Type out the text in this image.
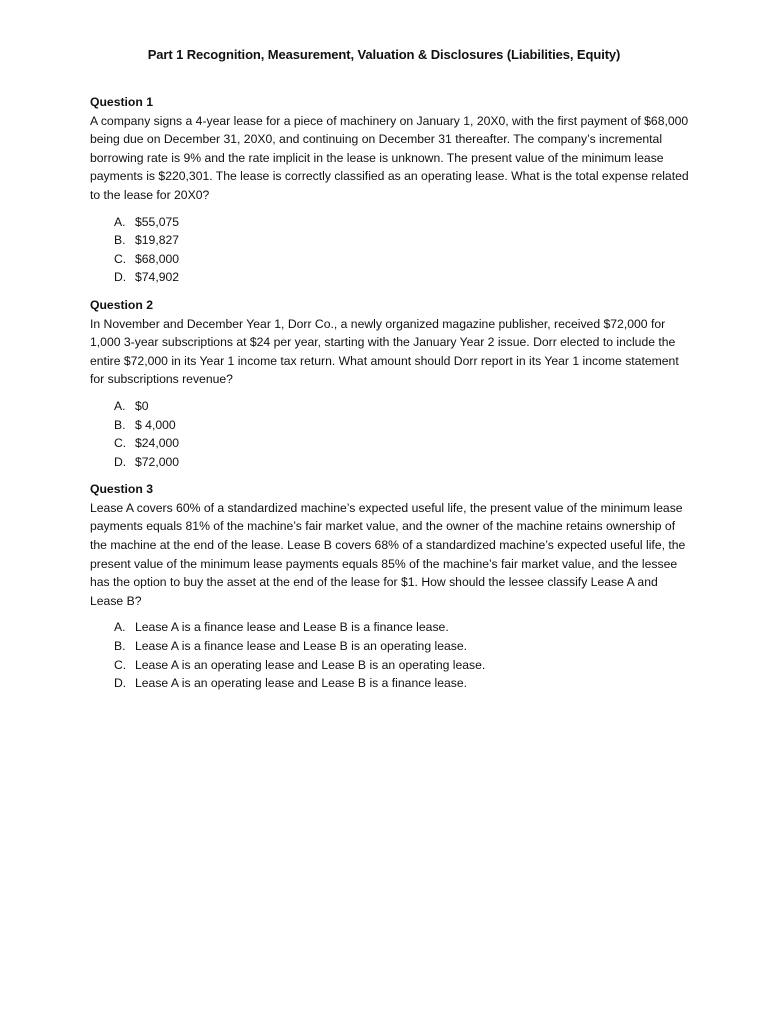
Part 1 Recognition, Measurement, Valuation & Disclosures (Liabilities, Equity)
Question 1

A company signs a 4-year lease for a piece of machinery on January 1, 20X0, with the first payment of $68,000 being due on December 31, 20X0, and continuing on December 31 thereafter. The company’s incremental borrowing rate is 9% and the rate implicit in the lease is unknown. The present value of the minimum lease payments is $220,301. The lease is correctly classified as an operating lease. What is the total expense related to the lease for 20X0?

A. $55,075
B. $19,827
C. $68,000
D. $74,902
Question 2

In November and December Year 1, Dorr Co., a newly organized magazine publisher, received $72,000 for 1,000 3-year subscriptions at $24 per year, starting with the January Year 2 issue. Dorr elected to include the entire $72,000 in its Year 1 income tax return. What amount should Dorr report in its Year 1 income statement for subscriptions revenue?

A. $0
B. $ 4,000
C. $24,000
D. $72,000
Question 3

Lease A covers 60% of a standardized machine’s expected useful life, the present value of the minimum lease payments equals 81% of the machine’s fair market value, and the owner of the machine retains ownership of the machine at the end of the lease. Lease B covers 68% of a standardized machine’s expected useful life, the present value of the minimum lease payments equals 85% of the machine’s fair market value, and the lessee has the option to buy the asset at the end of the lease for $1. How should the lessee classify Lease A and Lease B?

A. Lease A is a finance lease and Lease B is a finance lease.
B. Lease A is a finance lease and Lease B is an operating lease.
C. Lease A is an operating lease and Lease B is an operating lease.
D. Lease A is an operating lease and Lease B is a finance lease.
